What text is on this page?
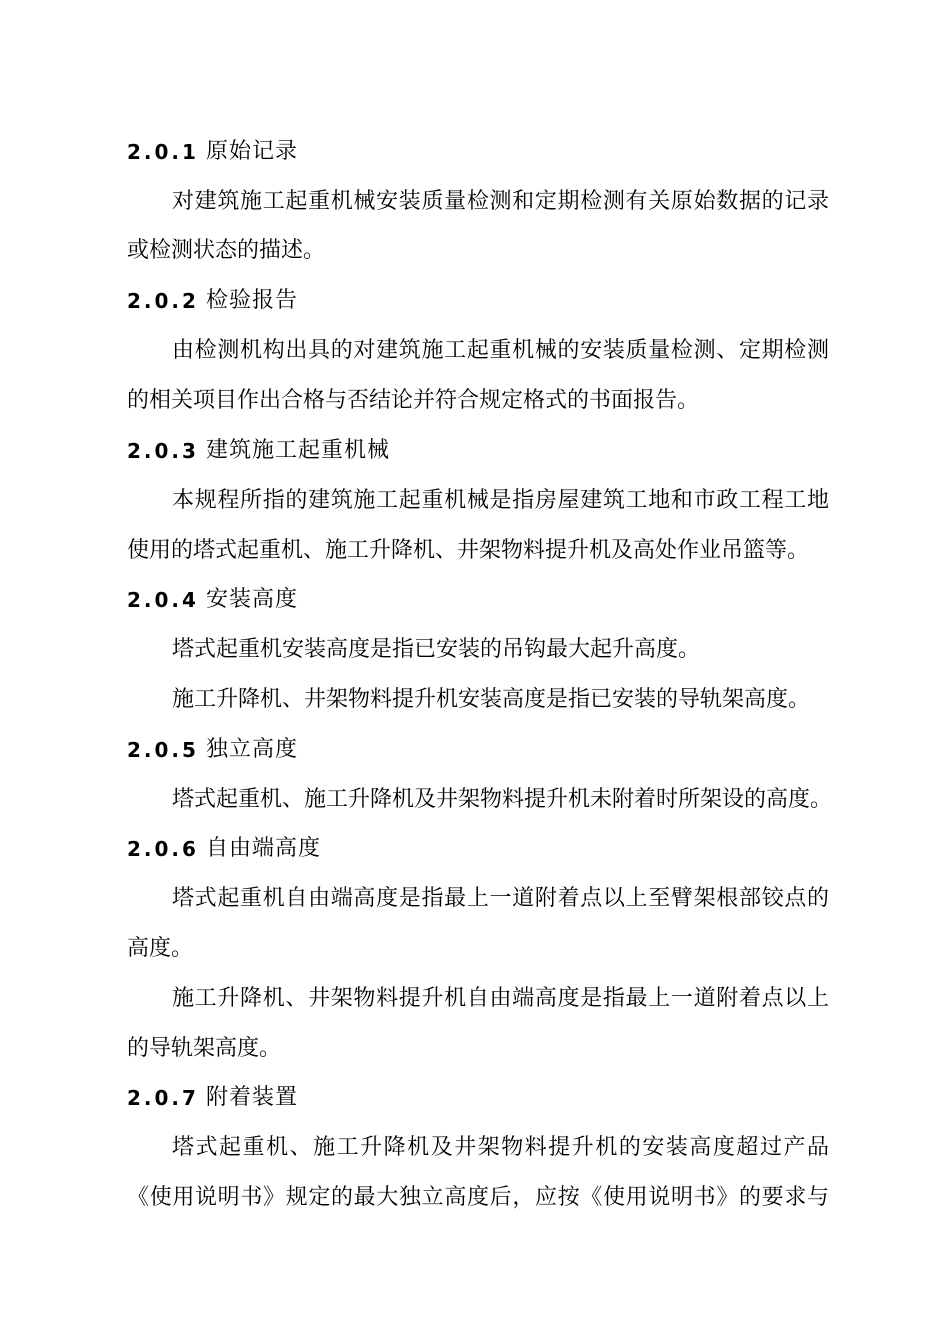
2.0.1 原始记录
对建筑施工起重机械安装质量检测和定期检测有关原始数据的记录
或检测状态的描述。
2.0.2 检验报告
由检测机构出具的对建筑施工起重机械的安装质量检测、定期检测
的相关项目作出合格与否结论并符合规定格式的书面报告。
2.0.3 建筑施工起重机械
本规程所指的建筑施工起重机械是指房屋建筑工地和市政工程工地
使用的塔式起重机、施工升降机、井架物料提升机及高处作业吊篮等。
2.0.4 安装高度
塔式起重机安装高度是指已安装的吊钩最大起升高度。
施工升降机、井架物料提升机安装高度是指已安装的导轨架高度。
2.0.5 独立高度
塔式起重机、施工升降机及井架物料提升机未附着时所架设的高度。
2.0.6 自由端高度
塔式起重机自由端高度是指最上一道附着点以上至臂架根部铰点的
高度。
施工升降机、井架物料提升机自由端高度是指最上一道附着点以上
的导轨架高度。
2.0.7 附着装置
塔式起重机、施工升降机及井架物料提升机的安装高度超过产品
《使用说明书》规定的最大独立高度后，应按《使用说明书》的要求与
